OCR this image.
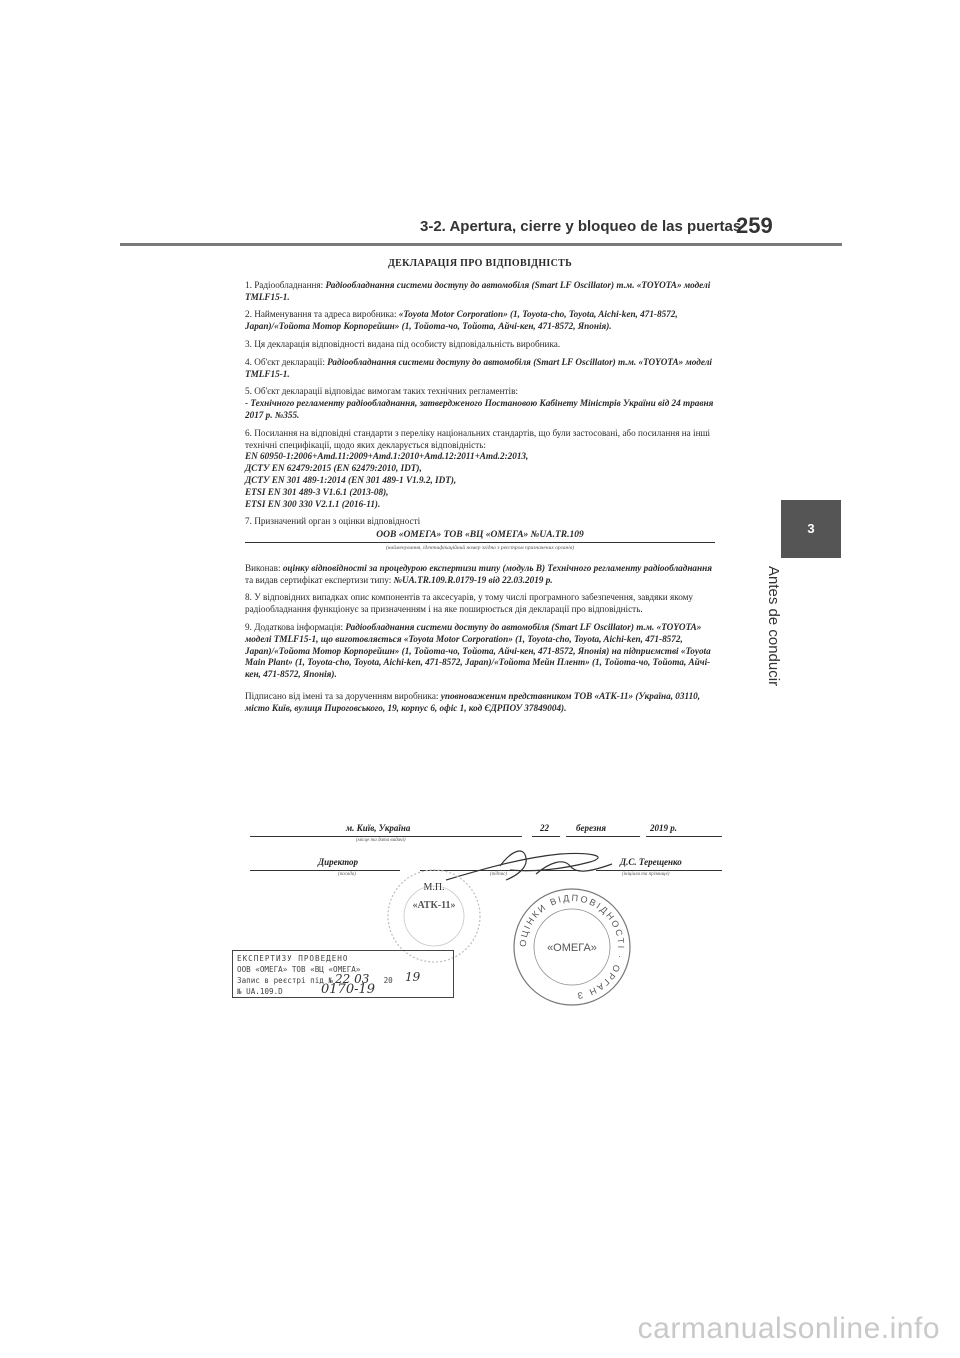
3-2. Apertura, cierre y bloqueo de las puertas
259
3
Antes de conducir

ДЕКЛАРАЦІЯ ПРО ВІДПОВІДНІСТЬ

1. Радіообладнання: Радіообладнання системи доступу до автомобіля (Smart LF Oscillator) т.м. «TOYOTA» моделі TMLF15-1.

2. Найменування та адреса виробника: «Toyota Motor Corporation» (1, Toyota-cho, Toyota, Aichi-ken, 471-8572, Japan)/«Тойота Мотор Корпорейшн» (1, Тойота-чо, Тойота, Айчі-кен, 471-8572, Японія).

3. Ця декларація відповідності видана під особисту відповідальність виробника.

4. Об'єкт декларації: Радіообладнання системи доступу до автомобіля (Smart LF Oscillator) т.м. «TOYOTA» моделі TMLF15-1.

5. Об'єкт декларації відповідає вимогам таких технічних регламентів:
- Технічного регламенту радіообладнання, затвердженого Постановою Кабінету Міністрів України від 24 травня 2017 р. №355.

6. Посилання на відповідні стандарти з переліку національних стандартів, що були застосовані, або посилання на інші технічні специфікації, щодо яких декларується відповідність:
EN 60950-1:2006+Amd.11:2009+Amd.1:2010+Amd.12:2011+Amd.2:2013,
ДСТУ EN 62479:2015 (EN 62479:2010, IDT),
ДСТУ EN 301 489-1:2014 (EN 301 489-1 V1.9.2, IDT),
ETSI EN 301 489-3 V1.6.1 (2013-08),
ETSI EN 300 330 V2.1.1 (2016-11).

7. Призначений орган з оцінки відповідності

ООВ «ОМЕГА» ТОВ «ВЦ «ОМЕГА» №UA.TR.109
(найменування, ідентифікаційний номер згідно з реєстром призначених органів)

Виконав: оцінку відповідності за процедурою експертизи типу (модуль В) Технічного регламенту радіообладнання та видав сертифікат експертизи типу: №UA.TR.109.R.0179-19 від 22.03.2019 р.

8. У відповідних випадках опис компонентів та аксесуарів, у тому числі програмного забезпечення, завдяки якому радіообладнання функціонує за призначенням і на яке поширюється дія декларації про відповідність.

9. Додаткова інформація: Радіообладнання системи доступу до автомобіля (Smart LF Oscillator) т.м. «TOYOTA» моделі TMLF15-1, що виготовляється «Toyota Motor Corporation» (1, Toyota-cho, Toyota, Aichi-ken, 471-8572, Japan)/«Тойота Мотор Корпорейшн» (1, Тойота-чо, Тойота, Айчі-кен, 471-8572, Японія) на підприємстві «Toyota Main Plant» (1, Toyota-cho, Toyota, Aichi-ken, 471-8572, Japan)/«Тойота Мейн Плент» (1, Тойота-чо, Тойота, Айчі-кен, 471-8572, Японія).

Підписано від імені та за дорученням виробника: уповноваженим представником ТОВ «АТК-11» (Україна, 03110, місто Київ, вулиця Пироговського, 19, корпус 6, офіс 1, код ЄДРПОУ 37849004).

м. Київ, Україна
(місце та дата видачі)
22	березня	2019 р.
Директор
(посада)	(підпис)
Д.С. Терещенко
(ініціали та прізвище)
М.П.
«АТК-11»
ОЦІНКИ ВІДПОВІДНОСТІ · ОРГАН З
«ОМЕГА»
ЕКСПЕРТИЗУ ПРОВЕДЕНО
ООВ «ОМЕГА» ТОВ «ВЦ «ОМЕГА»
Запис в реєстрі під №	20
№ UA.109.D
22 03	19
0170-19
carmanualsonline.info
